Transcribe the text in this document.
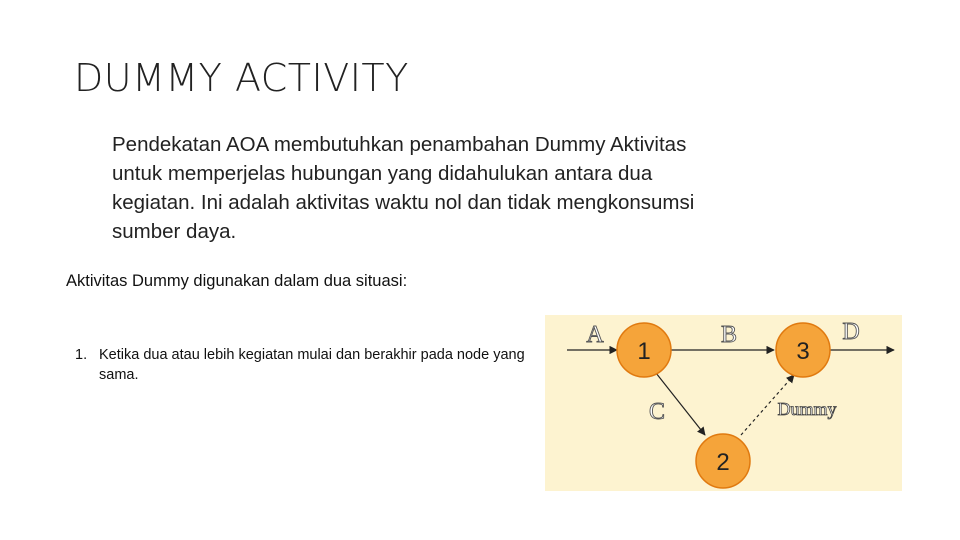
DUMMY ACTIVITY
Pendekatan AOA membutuhkan penambahan Dummy Aktivitas untuk memperjelas hubungan yang didahulukan antara dua kegiatan. Ini adalah aktivitas waktu nol dan tidak mengkonsumsi sumber daya.
Aktivitas Dummy digunakan dalam dua situasi:
1. Ketika dua atau lebih kegiatan mulai dan berakhir pada node yang sama.
1	3
2
A	B	D
C	Dummy
